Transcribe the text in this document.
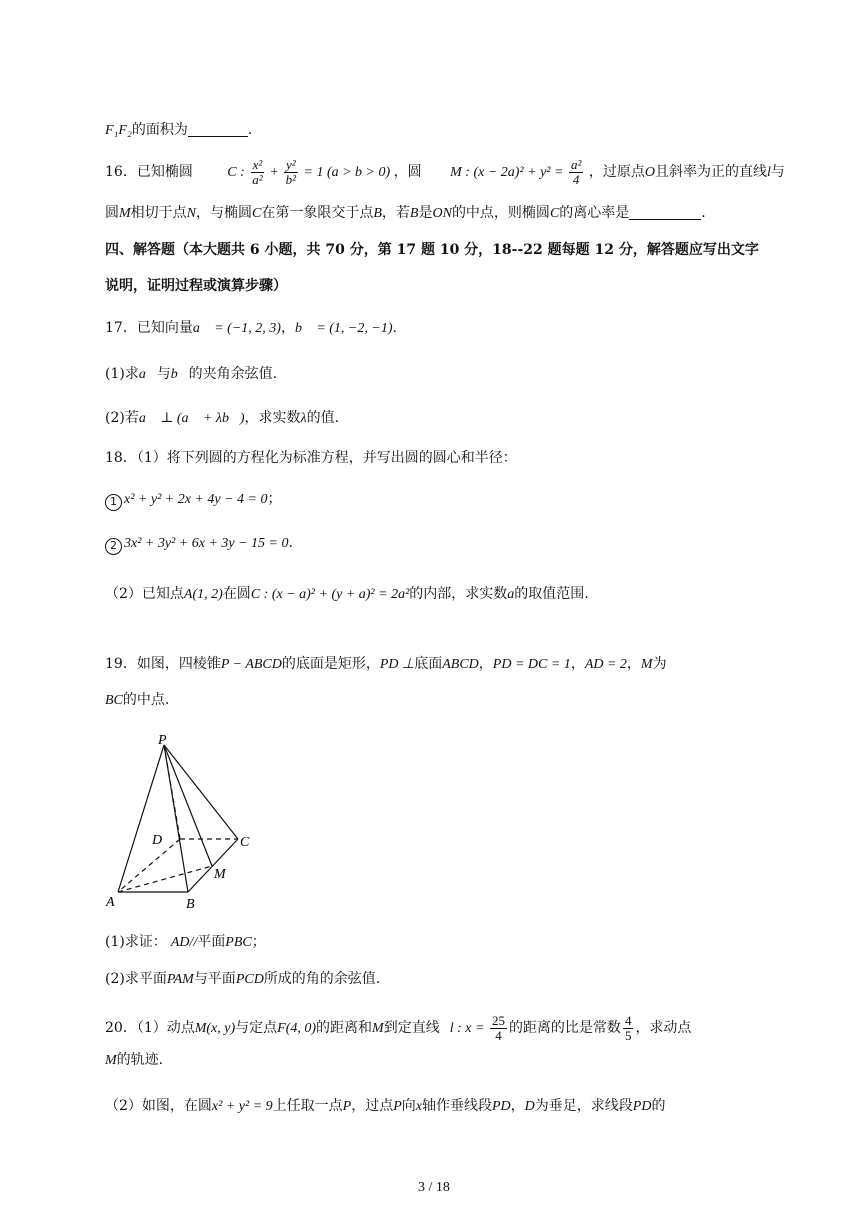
F₁F₂的面积为	.
16．已知椭圆 C : $\frac{\text{x²}}{\text{a²}} + \frac{\text{y²}}{\text{b²}} = 1$ (a > b > 0) ，圆 M : $(x - 2a)^2 + y^2 = \frac{\text{a²}}{4}$ ，过原点O且斜率为正的直线l与
圆M相切于点N，与椭圆C在第一象限交于点B，若B是ON的中点，则椭圆C的离心率是	.
四、解答题（本大题共 6 小题，共 70 分，第 17 题 10 分，18--22 题每题 12 分，解答题应写出文字
说明，证明过程或演算步骤）
17．已知向量a⃗ = (−1, 2, 3)，b⃗ = (1, −2, −1).
(1)求a⃗与b⃗的夹角余弦值.
(2)若a⃗ ⊥ (a⃗ + λb⃗)，求实数λ的值.
18．（1）将下列圆的方程化为标准方程，并写出圆的圆心和半径：
1 x² + y² + 2x + 4y − 4 = 0；
2 3x² + 3y² + 6x + 3y − 15 = 0.
（2）已知点A(1, 2)在圆C : (x − a)² + (y + a)² = 2a²的内部，求实数a的取值范围.
19．如图，四棱锥P − ABCD的底面是矩形，PD ⊥底面ABCD，PD = DC = 1，AD = 2，M为
BC的中点.
P
D	C
M
A	B
(1)求证： AD//平面PBC；
(2)求平面PAM与平面PCD所成的角的余弦值.
20．（1）动点M(x, y)与定点F(4, 0)的距离和M到定直线 l : $x = \frac{25}{4}$ 的距离的比是常数 $\frac{4}{5}$ ，求动点
M的轨迹.
（2）如图，在圆x² + y² = 9上任取一点P，过点P向x轴作垂线段PD，D为垂足，求线段PD的
3 / 18
